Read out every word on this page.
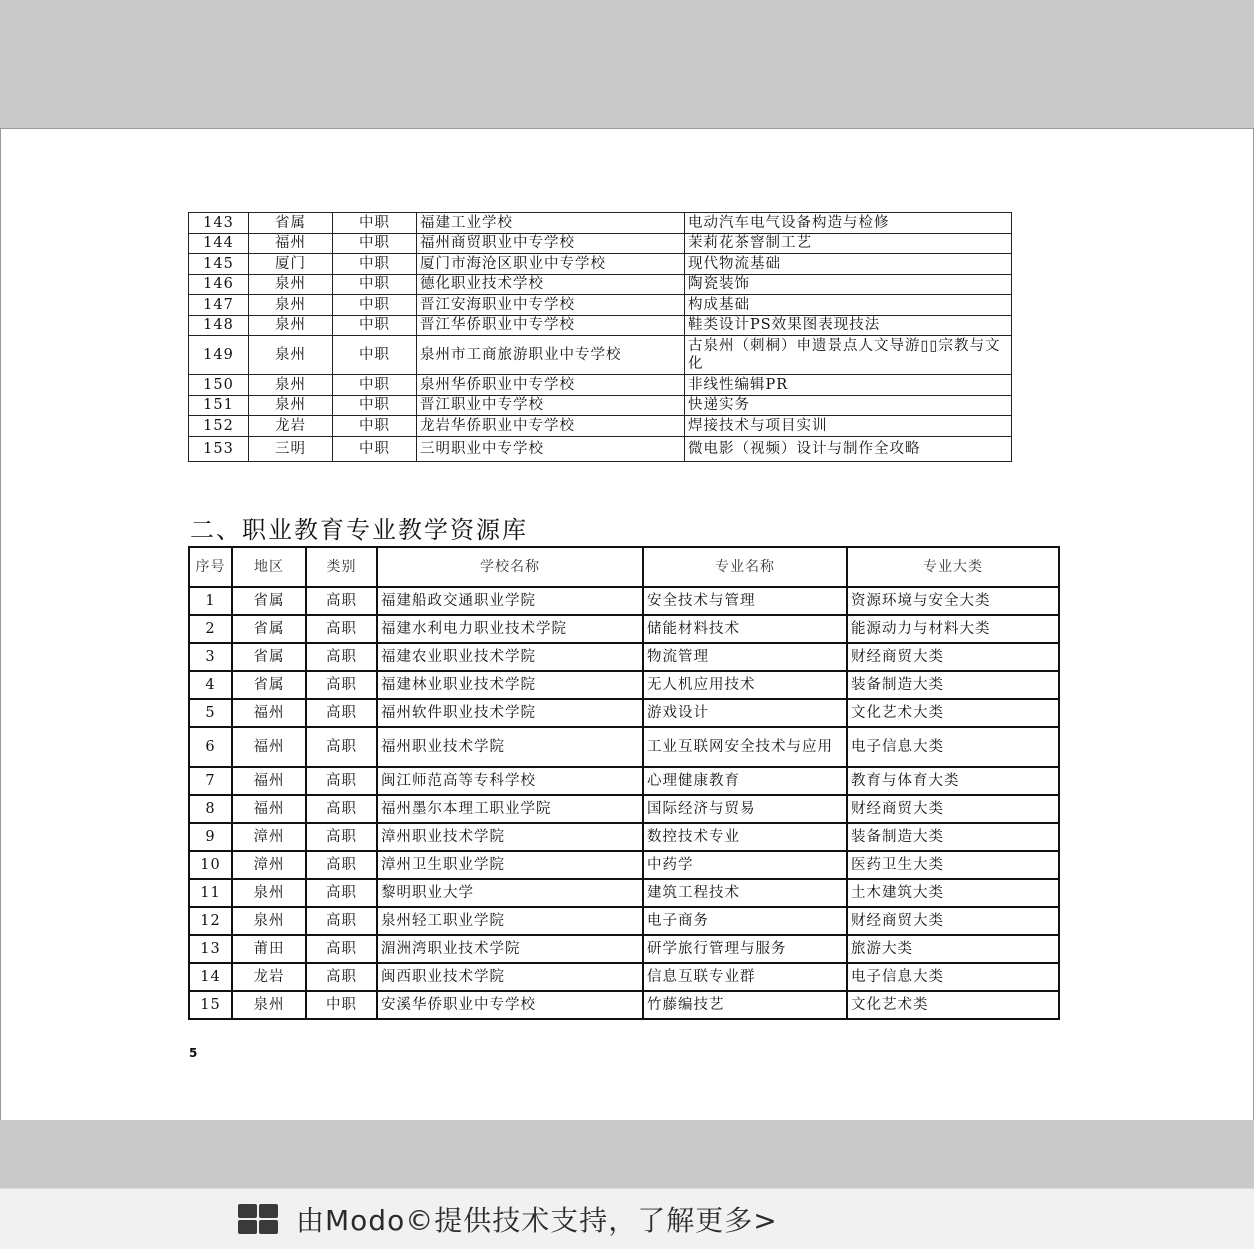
143	省属	中职	福建工业学校	电动汽车电气设备构造与检修
144	福州	中职	福州商贸职业中专学校	茉莉花茶窨制工艺
145	厦门	中职	厦门市海沧区职业中专学校	现代物流基础
146	泉州	中职	德化职业技术学校	陶瓷装饰
147	泉州	中职	晋江安海职业中专学校	构成基础
148	泉州	中职	晋江华侨职业中专学校	鞋类设计PS效果图表现技法
149	泉州	中职	泉州市工商旅游职业中专学校	古泉州（刺桐）申遗景点人文导游▯▯宗教与文化
150	泉州	中职	泉州华侨职业中专学校	非线性编辑PR
151	泉州	中职	晋江职业中专学校	快递实务
152	龙岩	中职	龙岩华侨职业中专学校	焊接技术与项目实训
153	三明	中职	三明职业中专学校	微电影（视频）设计与制作全攻略
二、职业教育专业教学资源库
序号	地区	类别	学校名称	专业名称	专业大类
1	省属	高职	福建船政交通职业学院	安全技术与管理	资源环境与安全大类
2	省属	高职	福建水利电力职业技术学院	储能材料技术	能源动力与材料大类
3	省属	高职	福建农业职业技术学院	物流管理	财经商贸大类
4	省属	高职	福建林业职业技术学院	无人机应用技术	装备制造大类
5	福州	高职	福州软件职业技术学院	游戏设计	文化艺术大类
6	福州	高职	福州职业技术学院	工业互联网安全技术与应用	电子信息大类
7	福州	高职	闽江师范高等专科学校	心理健康教育	教育与体育大类
8	福州	高职	福州墨尔本理工职业学院	国际经济与贸易	财经商贸大类
9	漳州	高职	漳州职业技术学院	数控技术专业	装备制造大类
10	漳州	高职	漳州卫生职业学院	中药学	医药卫生大类
11	泉州	高职	黎明职业大学	建筑工程技术	土木建筑大类
12	泉州	高职	泉州轻工职业学院	电子商务	财经商贸大类
13	莆田	高职	湄洲湾职业技术学院	研学旅行管理与服务	旅游大类
14	龙岩	高职	闽西职业技术学院	信息互联专业群	电子信息大类
15	泉州	中职	安溪华侨职业中专学校	竹藤编技艺	文化艺术类
5
由Modo©提供技术支持，了解更多>
